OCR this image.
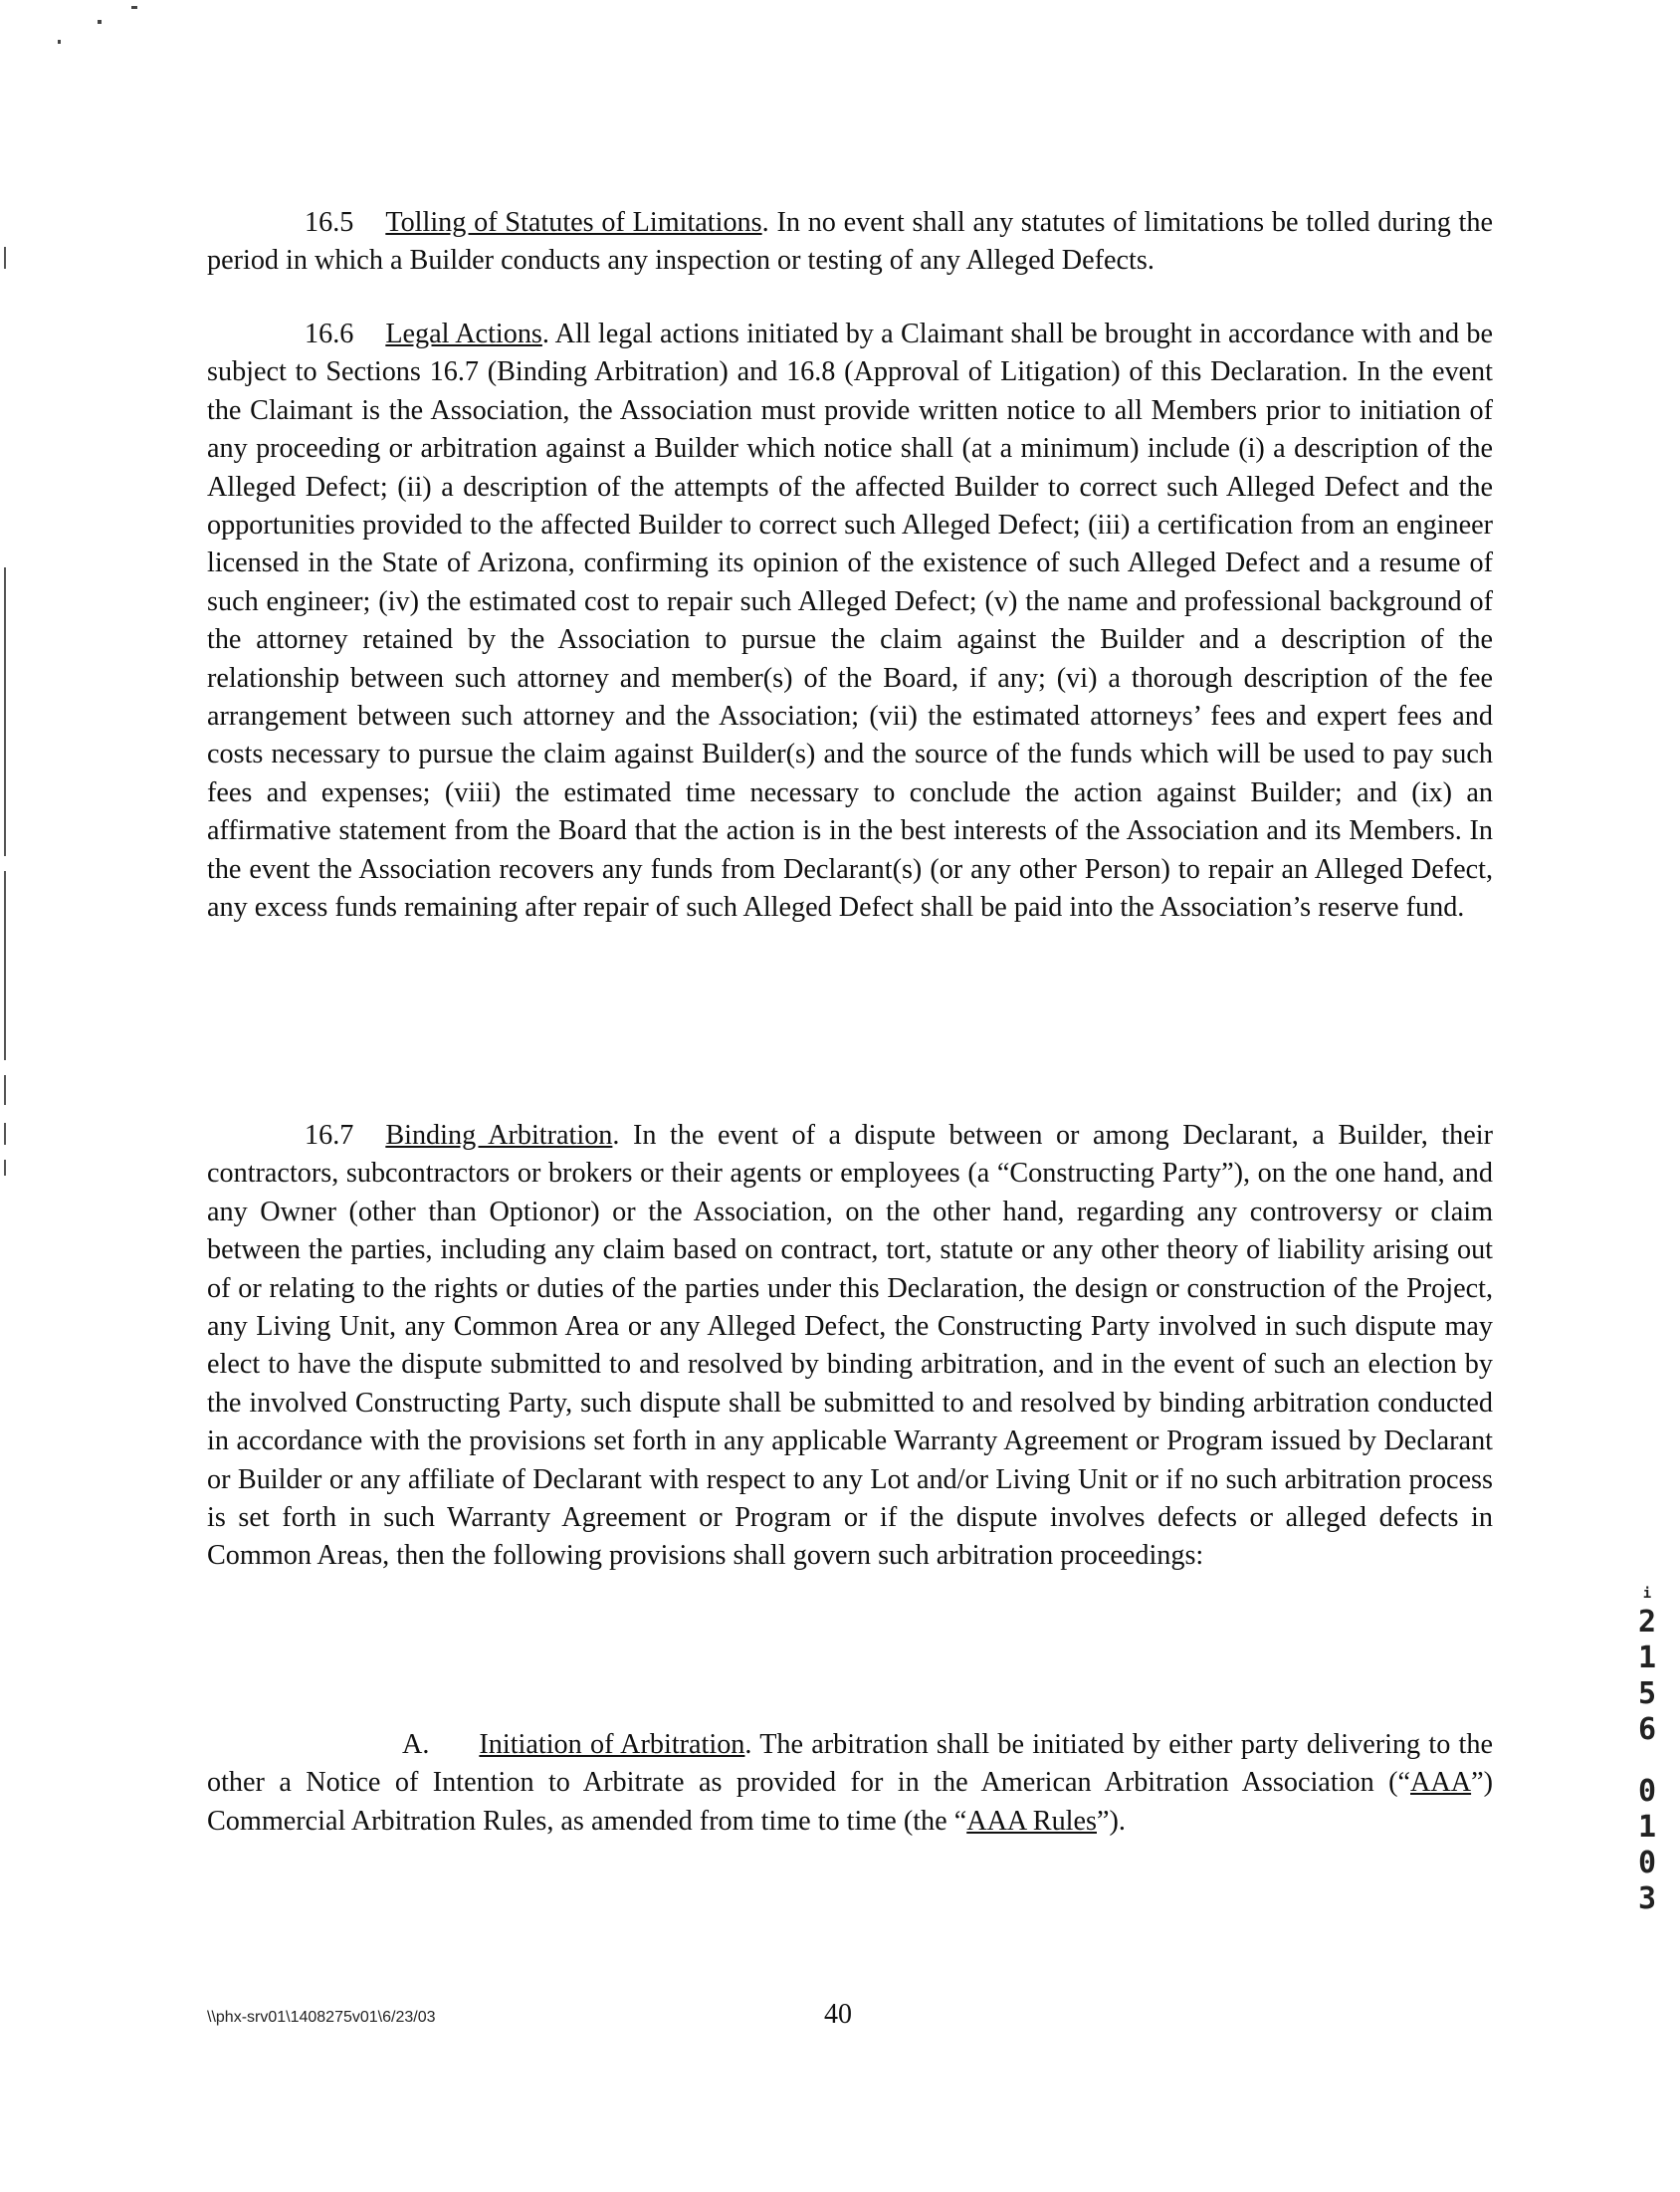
16.5 Tolling of Statutes of Limitations. In no event shall any statutes of limitations be tolled during the period in which a Builder conducts any inspection or testing of any Alleged Defects.

16.6 Legal Actions. All legal actions initiated by a Claimant shall be brought in accordance with and be subject to Sections 16.7 (Binding Arbitration) and 16.8 (Approval of Litigation) of this Declaration. In the event the Claimant is the Association, the Association must provide written notice to all Members prior to initiation of any proceeding or arbitration against a Builder which notice shall (at a minimum) include (i) a description of the Alleged Defect; (ii) a description of the attempts of the affected Builder to correct such Alleged Defect and the opportunities provided to the affected Builder to correct such Alleged Defect; (iii) a certification from an engineer licensed in the State of Arizona, confirming its opinion of the existence of such Alleged Defect and a resume of such engineer; (iv) the estimated cost to repair such Alleged Defect; (v) the name and professional background of the attorney retained by the Association to pursue the claim against the Builder and a description of the relationship between such attorney and member(s) of the Board, if any; (vi) a thorough description of the fee arrangement between such attorney and the Association; (vii) the estimated attorneys’ fees and expert fees and costs necessary to pursue the claim against Builder(s) and the source of the funds which will be used to pay such fees and expenses; (viii) the estimated time necessary to conclude the action against Builder; and (ix) an affirmative statement from the Board that the action is in the best interests of the Association and its Members. In the event the Association recovers any funds from Declarant(s) (or any other Person) to repair an Alleged Defect, any excess funds remaining after repair of such Alleged Defect shall be paid into the Association’s reserve fund.

16.7 Binding Arbitration. In the event of a dispute between or among Declarant, a Builder, their contractors, subcontractors or brokers or their agents or employees (a “Constructing Party”), on the one hand, and any Owner (other than Optionor) or the Association, on the other hand, regarding any controversy or claim between the parties, including any claim based on contract, tort, statute or any other theory of liability arising out of or relating to the rights or duties of the parties under this Declaration, the design or construction of the Project, any Living Unit, any Common Area or any Alleged Defect, the Constructing Party involved in such dispute may elect to have the dispute submitted to and resolved by binding arbitration, and in the event of such an election by the involved Constructing Party, such dispute shall be submitted to and resolved by binding arbitration conducted in accordance with the provisions set forth in any applicable Warranty Agreement or Program issued by Declarant or Builder or any affiliate of Declarant with respect to any Lot and/or Living Unit or if no such arbitration process is set forth in such Warranty Agreement or Program or if the dispute involves defects or alleged defects in Common Areas, then the following provisions shall govern such arbitration proceedings:

A. Initiation of Arbitration. The arbitration shall be initiated by either party delivering to the other a Notice of Intention to Arbitrate as provided for in the American Arbitration Association (“AAA”) Commercial Arbitration Rules, as amended from time to time (the “AAA Rules”).

\\phx-srv01\1408275v01\6/23/03	40
i
2
1
5
6
0
1
0
3
